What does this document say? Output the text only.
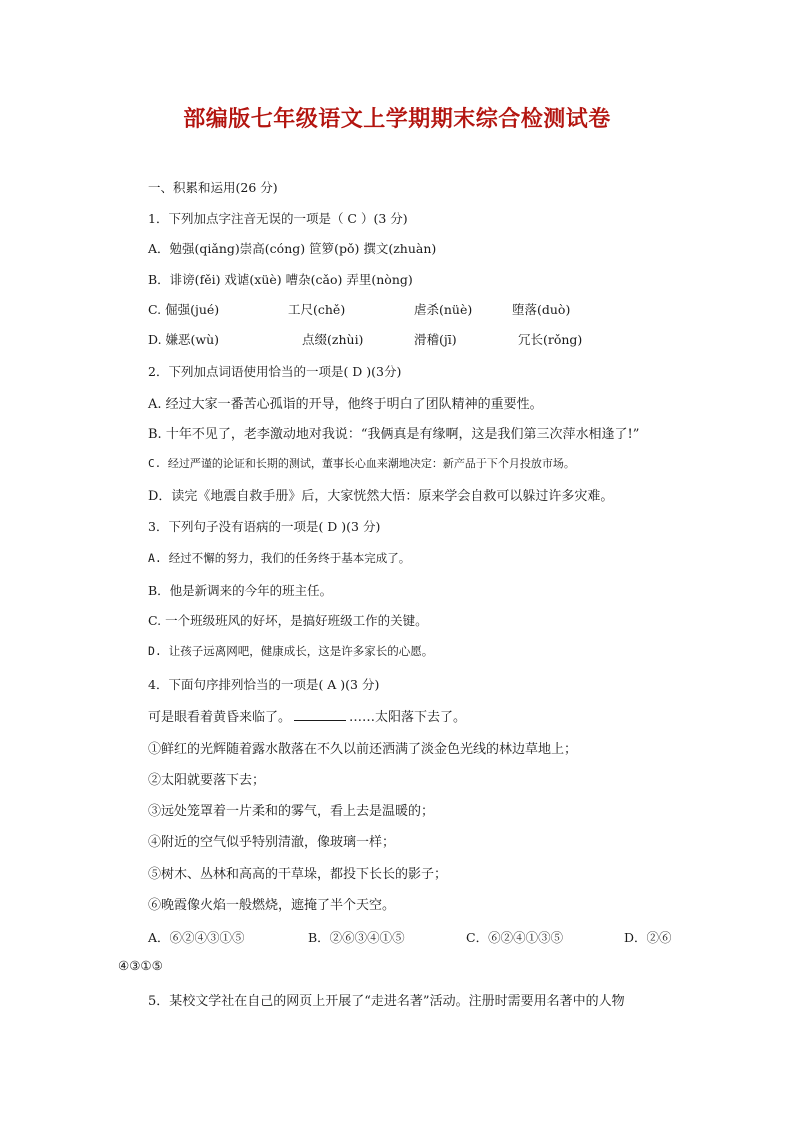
部编版七年级语文上学期期末综合检测试卷
一、积累和运用(26 分)
1．下列加点字注音无误的一项是（ C ）(3 分)
A．勉强(qiǎng)崇高(cóng) 笸箩(pǒ) 撰文(zhuàn)
B．诽谤(fěi) 戏谑(xüè) 嘈杂(cǎo) 弄里(nòng)
C. 倔强(jué)	工尺(chě)	虐杀(nüè)	堕落(duò)
D. 嫌恶(wù)	点缀(zhùi)	滑稽(jī)	冗长(rǒng)
2．下列加点词语使用恰当的一项是( D )(3分)
A. 经过大家一番苦心孤诣的开导，他终于明白了团队精神的重要性。
B. 十年不见了，老李激动地对我说：“我俩真是有缘啊，这是我们第三次萍水相逢了!”
C. 经过严谨的论证和长期的测试，董事长心血来潮地决定：新产品于下个月投放市场。
D．读完《地震自救手册》后，大家恍然大悟：原来学会自救可以躲过许多灾难。
3．下列句子没有语病的一项是( D )(3 分)
A. 经过不懈的努力，我们的任务终于基本完成了。
B．他是新调来的今年的班主任。
C. 一个班级班风的好坏，是搞好班级工作的关键。
D. 让孩子远离网吧，健康成长，这是许多家长的心愿。
4．下面句序排列恰当的一项是( A )(3 分)
可是眼看着黄昏来临了。	……太阳落下去了。
①鲜红的光辉随着露水散落在不久以前还洒满了淡金色光线的林边草地上；
②太阳就要落下去；
③远处笼罩着一片柔和的雾气，看上去是温暖的；
④附近的空气似乎特别清澈，像玻璃一样；
⑤树木、丛林和高高的干草垛，都投下长长的影子；
⑥晚霞像火焰一般燃烧，遮掩了半个天空。
A．⑥②④③①⑤	B．②⑥③④①⑤	C．⑥②④①③⑤	D．②⑥
④③①⑤
5．某校文学社在自己的网页上开展了“走进名著”活动。注册时需要用名著中的人物
